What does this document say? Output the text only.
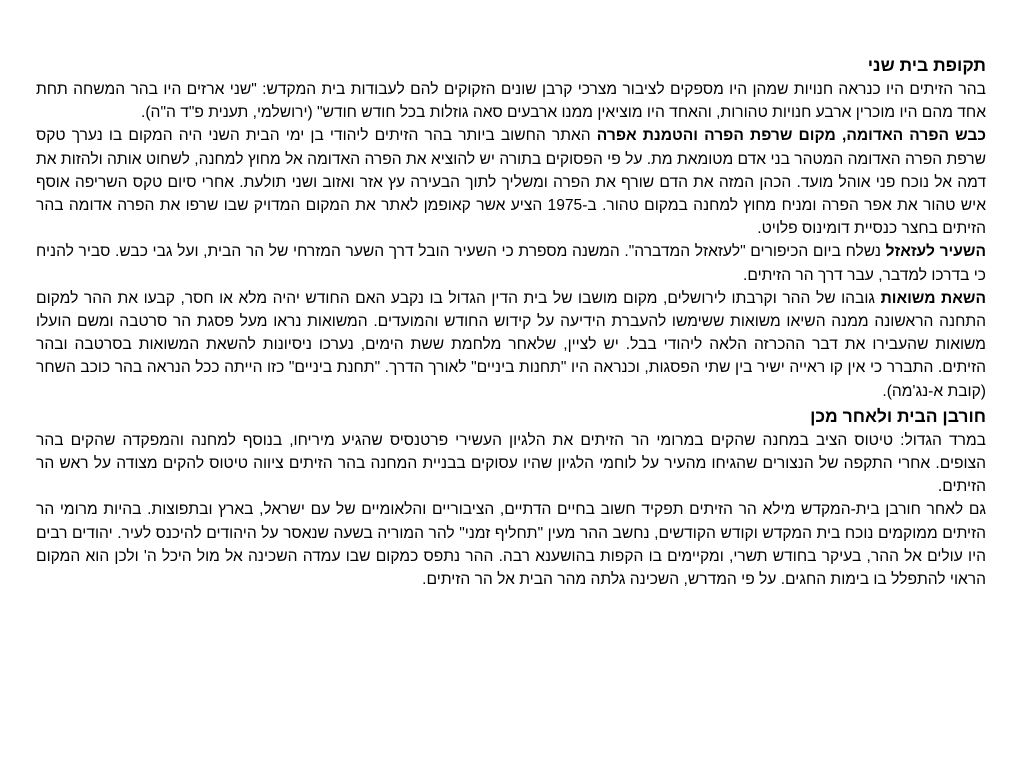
תקופת בית שני

בהר הזיתים היו כנראה חנויות שמהן היו מספקים לציבור מצרכי קרבן שונים הזקוקים להם לעבודות בית המקדש: "שני ארזים היו בהר המשחה תחת אחד מהם היו מוכרין ארבע חנויות טהורות, והאחד היו מוציאין ממנו ארבעים סאה גוזלות בכל חודש חודש" (ירושלמי, תענית פ"ד ה"ה).

כבש הפרה האדומה, מקום שרפת הפרה והטמנת אפרה האתר החשוב ביותר בהר הזיתים ליהודי בן ימי הבית השני היה המקום בו נערך טקס שרפת הפרה האדומה המטהר בני אדם מטומאת מת. על פי הפסוקים בתורה יש להוציא את הפרה האדומה אל מחוץ למחנה, לשחוט אותה ולהזות את דמה אל נוכח פני אוהל מועד. הכהן המזה את הדם שורף את הפרה ומשליך לתוך הבעירה עץ אזר ואזוב ושני תולעת. אחרי סיום טקס השריפה אוסף איש טהור את אפר הפרה ומניח מחוץ למחנה במקום טהור. ב-1975 הציע אשר קאופמן לאתר את המקום המדויק שבו שרפו את הפרה אדומה בהר הזיתים בחצר כנסיית דומינוס פלויט.

השעיר לעזאזל נשלח ביום הכיפורים "לעזאזל המדברה". המשנה מספרת כי השעיר הובל דרך השער המזרחי של הר הבית, ועל גבי כבש. סביר להניח כי בדרכו למדבר, עבר דרך הר הזיתים.

השאת משואות גובהו של ההר וקרבתו לירושלים, מקום מושבו של בית הדין הגדול בו נקבע האם החודש יהיה מלא או חסר, קבעו את ההר למקום התחנה הראשונה ממנה השיאו משואות ששימשו להעברת הידיעה על קידוש החודש והמועדים. המשואות נראו מעל פסגת הר סרטבה ומשם הועלו משואות שהעבירו את דבר ההכרזה הלאה ליהודי בבל. יש לציין, שלאחר מלחמת ששת הימים, נערכו ניסיונות להשאת המשואות בסרטבה ובהר הזיתים. התברר כי אין קו ראייה ישיר בין שתי הפסגות, וכנראה היו "תחנות ביניים" לאורך הדרך. "תחנת ביניים" כזו הייתה ככל הנראה בהר כוכב השחר (קובת א-נג'מה).

חורבן הבית ולאחר מכן

במרד הגדול: טיטוס הציב במחנה שהקים במרומי הר הזיתים את הלגיון העשירי פרטנסיס שהגיע מיריחו, בנוסף למחנה והמפקדה שהקים בהר הצופים. אחרי התקפה של הנצורים שהגיחו מהעיר על לוחמי הלגיון שהיו עסוקים בבניית המחנה בהר הזיתים ציווה טיטוס להקים מצודה על ראש הר הזיתים.

גם לאחר חורבן בית-המקדש מילא הר הזיתים תפקיד חשוב בחיים הדתיים, הציבוריים והלאומיים של עם ישראל, בארץ ובתפוצות. בהיות מרומי הר הזיתים ממוקמים נוכח בית המקדש וקודש הקודשים, נחשב ההר מעין "תחליף זמני" להר המוריה בשעה שנאסר על היהודים להיכנס לעיר. יהודים רבים היו עולים אל ההר, בעיקר בחודש תשרי, ומקיימים בו הקפות בהושענא רבה. ההר נתפס כמקום שבו עמדה השכינה אל מול היכל ה' ולכן הוא המקום הראוי להתפלל בו בימות החגים. על פי המדרש, השכינה גלתה מהר הבית אל הר הזיתים.
